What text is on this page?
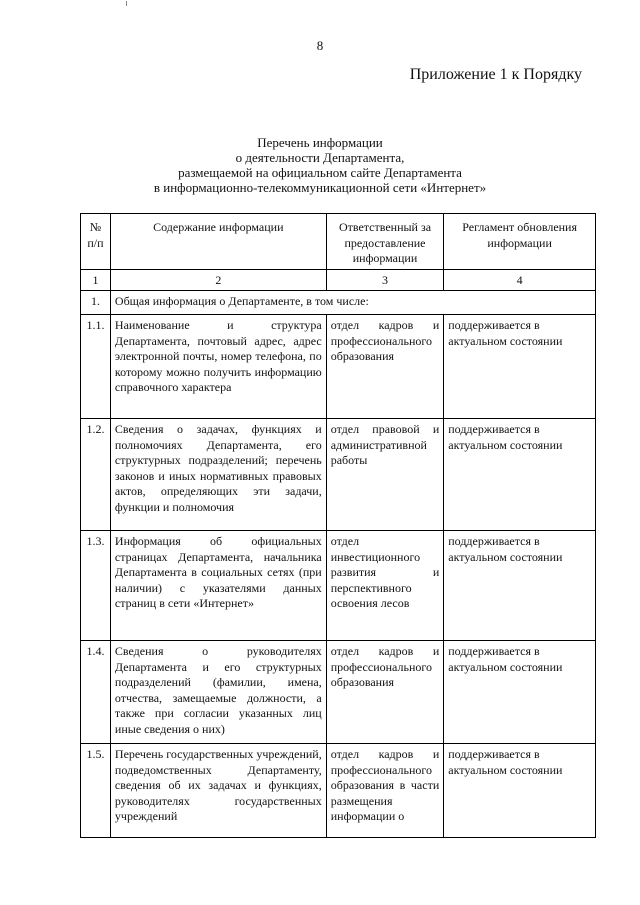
8
Приложение 1 к Порядку
Перечень информации
о деятельности Департамента,
размещаемой на официальном сайте Департамента
в информационно-телекоммуникационной сети «Интернет»
№ п/п	Содержание информации	Ответственный за предоставление информации	Регламент обновления информации
1	2	3	4
1.	Общая информация о Департаменте, в том числе:		
1.1.	Наименование и структура Департамента, почтовый адрес, адрес электронной почты, номер телефона, по которому можно получить информацию справочного характера	отдел кадров и профессионального образования	поддерживается в актуальном состоянии
1.2.	Сведения о задачах, функциях и полномочиях Департамента, его структурных подразделений; перечень законов и иных нормативных правовых актов, определяющих эти задачи, функции и полномочия	отдел правовой и административной работы	поддерживается в актуальном состоянии
1.3.	Информация об официальных страницах Департамента, начальника Департамента в социальных сетях (при наличии) с указателями данных страниц в сети «Интернет»	отдел инвестиционного развития и перспективного освоения лесов	поддерживается в актуальном состоянии
1.4.	Сведения о руководителях Департамента и его структурных подразделений (фамилии, имена, отчества, замещаемые должности, а также при согласии указанных лиц иные сведения о них)	отдел кадров и профессионального образования	поддерживается в актуальном состоянии
1.5.	Перечень государственных учреждений, подведомственных Департаменту, сведения об их задачах и функциях, руководителях государственных учреждений	отдел кадров и профессионального образования в части размещения информации о	поддерживается в актуальном состоянии
